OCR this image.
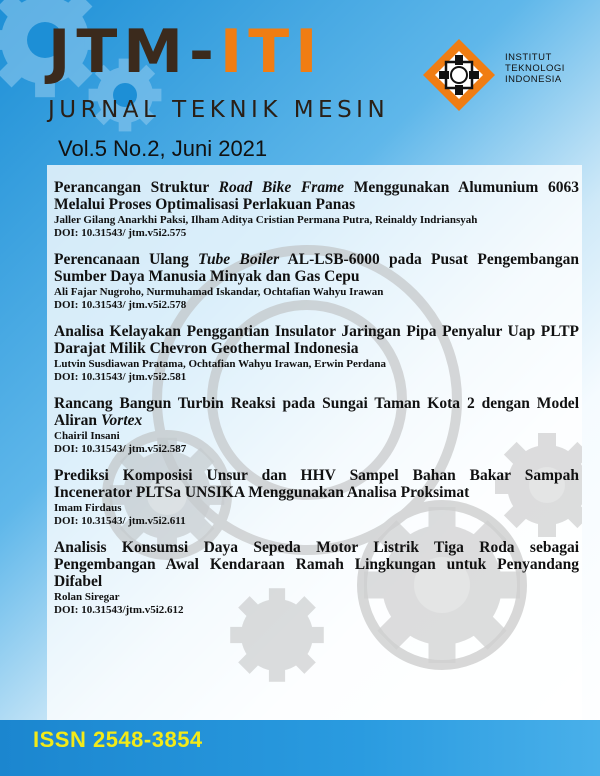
JTM-ITI
JURNAL TEKNIK MESIN
Vol.5 No.2, Juni 2021
INSTITUT
TEKNOLOGI
INDONESIA
Perancangan Struktur Road Bike Frame Menggunakan Alumunium 6063 Melalui Proses Optimalisasi Perlakuan Panas
Jaller Gilang Anarkhi Paksi, Ilham Aditya Cristian Permana Putra, Reinaldy Indriansyah
DOI: 10.31543/ jtm.v5i2.575
Perencanaan Ulang Tube Boiler AL-LSB-6000 pada Pusat Pengembangan Sumber Daya Manusia Minyak dan Gas Cepu
Ali Fajar Nugroho, Nurmuhamad Iskandar, Ochtafian Wahyu Irawan
DOI: 10.31543/ jtm.v5i2.578
Analisa Kelayakan Penggantian Insulator Jaringan Pipa Penyalur Uap PLTP Darajat Milik Chevron Geothermal Indonesia
Lutvin Susdiawan Pratama, Ochtafian Wahyu Irawan, Erwin Perdana
DOI: 10.31543/ jtm.v5i2.581
Rancang Bangun Turbin Reaksi pada Sungai Taman Kota 2 dengan Model Aliran Vortex
Chairil Insani
DOI: 10.31543/ jtm.v5i2.587
Prediksi Komposisi Unsur dan HHV Sampel Bahan Bakar Sampah Incenerator PLTSa UNSIKA Menggunakan Analisa Proksimat
Imam Firdaus
DOI: 10.31543/ jtm.v5i2.611
Analisis Konsumsi Daya Sepeda Motor Listrik Tiga Roda sebagai Pengembangan Awal Kendaraan Ramah Lingkungan untuk Penyandang Difabel
Rolan Siregar
DOI: 10.31543/jtm.v5i2.612
ISSN 2548-3854
